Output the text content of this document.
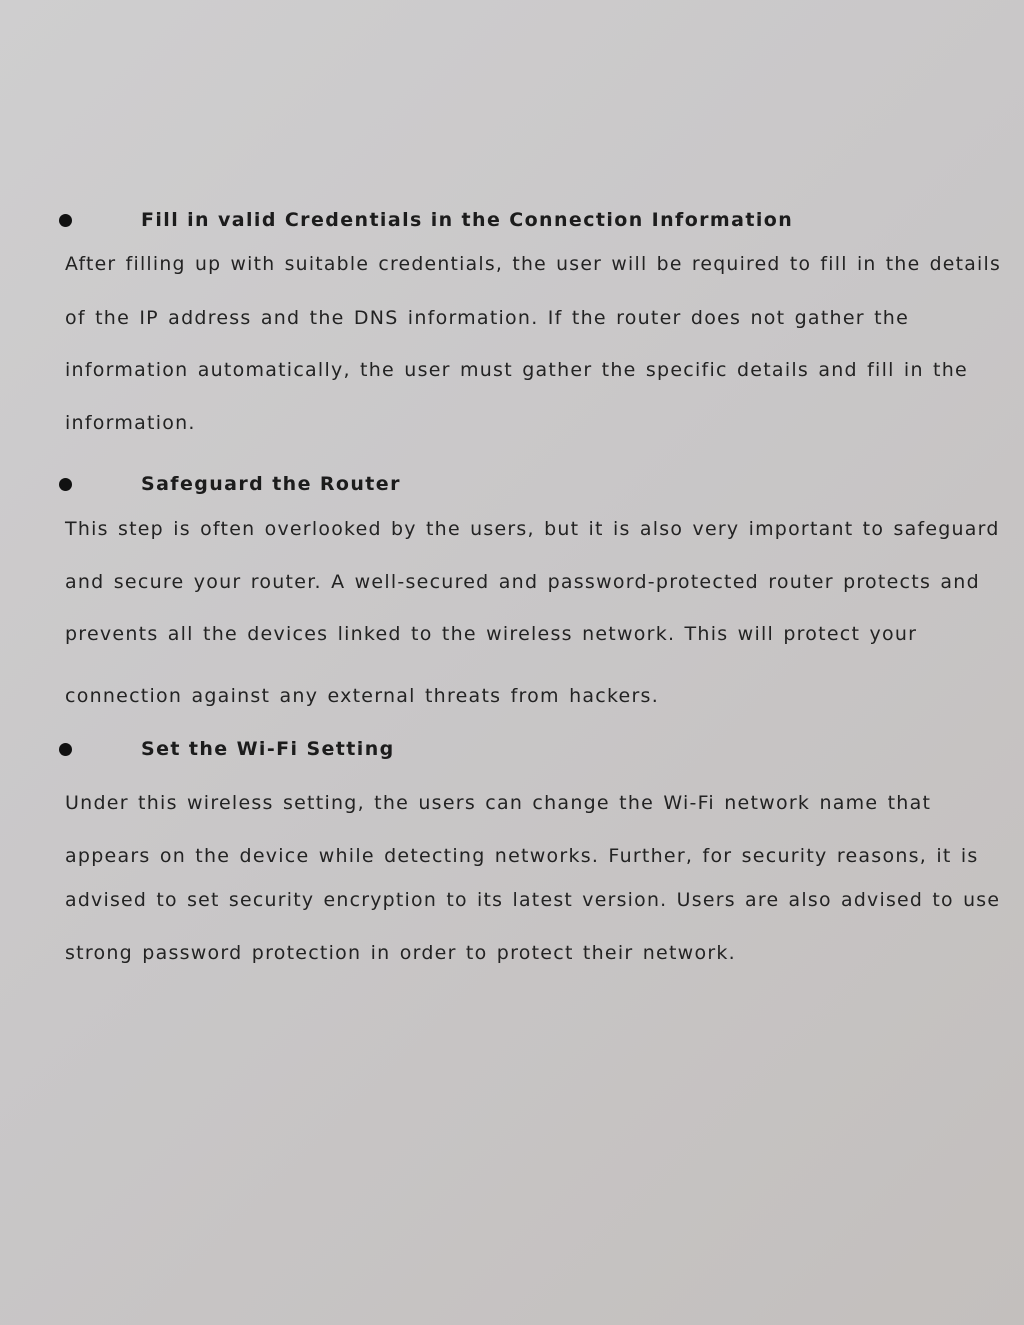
Fill in valid Credentials in the Connection Information
After filling up with suitable credentials, the user will be required to fill in the details
of the IP address and the DNS information. If the router does not gather the
information automatically, the user must gather the specific details and fill in the
information.
Safeguard the Router
This step is often overlooked by the users, but it is also very important to safeguard
and secure your router. A well-secured and password-protected router protects and
prevents all the devices linked to the wireless network. This will protect your
connection against any external threats from hackers.
Set the Wi-Fi Setting
Under this wireless setting, the users can change the Wi-Fi network name that
appears on the device while detecting networks. Further, for security reasons, it is
advised to set security encryption to its latest version. Users are also advised to use
strong password protection in order to protect their network.
